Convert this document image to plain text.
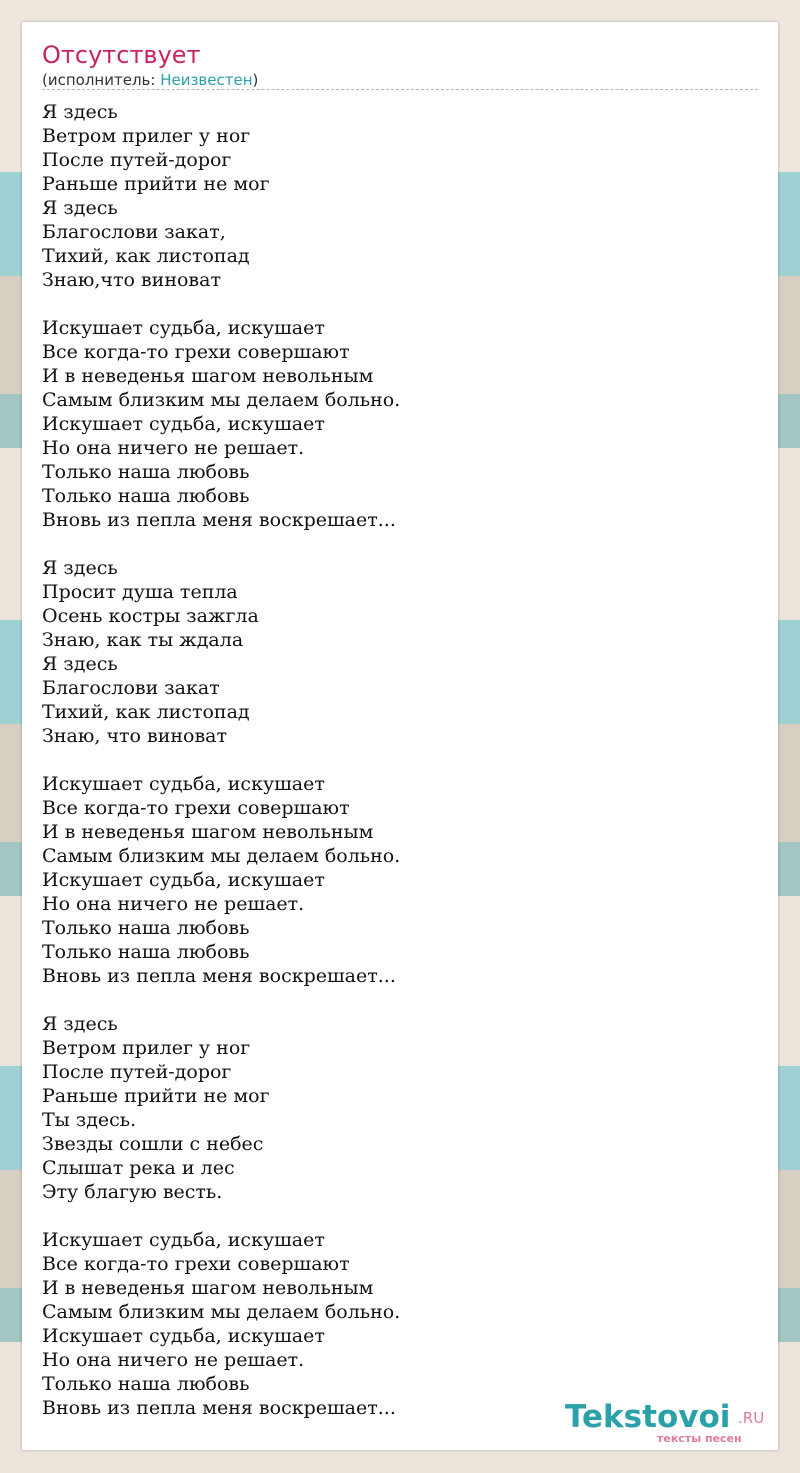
Отсутствует
(исполнитель: Неизвестен)
Я здесь
Ветром прилег у ног
После путей-дорог
Раньше прийти не мог
Я здесь
Благослови закат,
Тихий, как листопад
Знаю,что виноват

Искушает судьба, искушает
Все когда-то грехи совершают
И в неведенья шагом невольным
Самым близким мы делаем больно.
Искушает судьба, искушает
Но она ничего не решает.
Только наша любовь
Только наша любовь
Вновь из пепла меня воскрешает...

Я здесь
Просит душа тепла
Осень костры зажгла
Знаю, как ты ждала
Я здесь
Благослови закат
Тихий, как листопад
Знаю, что виноват

Искушает судьба, искушает
Все когда-то грехи совершают
И в неведенья шагом невольным
Самым близким мы делаем больно.
Искушает судьба, искушает
Но она ничего не решает.
Только наша любовь
Только наша любовь
Вновь из пепла меня воскрешает...

Я здесь
Ветром прилег у ног
После путей-дорог
Раньше прийти не мог
Ты здесь.
Звезды сошли с небес
Слышат река и лес
Эту благую весть.

Искушает судьба, искушает
Все когда-то грехи совершают
И в неведенья шагом невольным
Самым близким мы делаем больно.
Искушает судьба, искушает
Но она ничего не решает.
Только наша любовь
Вновь из пепла меня воскрешает...	Tekstovoi .RU
тексты песен
